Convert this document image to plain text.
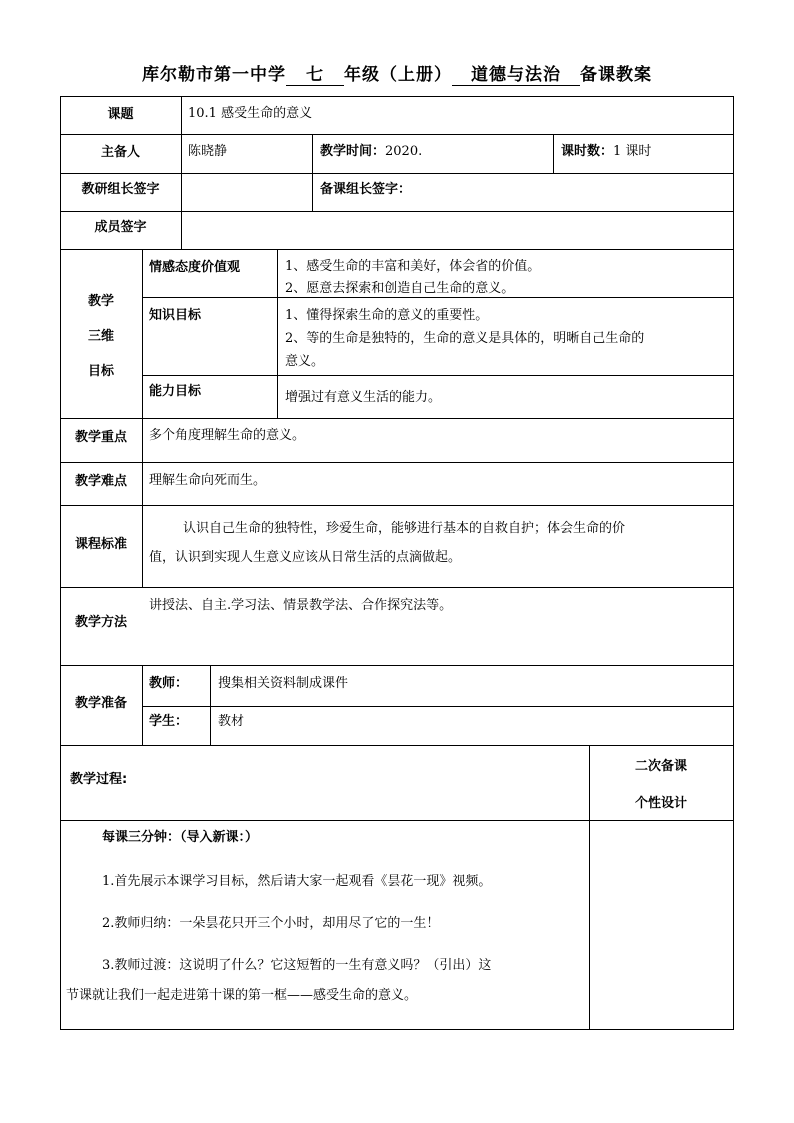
库尔勒市第一中学 七 年级（上册） 道德与法治 备课教案
课题	10.1 感受生命的意义
主备人	陈晓静	教学时间：2020.	课时数：1 课时
教研组长签字	备课组长签字：
成员签字
教学
三维
目标
情感态度价值观	1、感受生命的丰富和美好，体会省的价值。
2、愿意去探索和创造自己生命的意义。
知识目标	1、懂得探索生命的意义的重要性。
2、等的生命是独特的，生命的意义是具体的，明晰自己生命的
意义。
能力目标	增强过有意义生活的能力。
教学重点	多个角度理解生命的意义。
教学难点	理解生命向死而生。
课程标准
认识自己生命的独特性，珍爱生命，能够进行基本的自救自护；体会生命的价
值，认识到实现人生意义应该从日常生活的点滴做起。
教学方法
讲授法、自主.学习法、情景教学法、合作探究法等。
教学准备
教师：	搜集相关资料制成课件
学生：	教材
教学过程:
二次备课
个性设计
每课三分钟：（导入新课：）
1.首先展示本课学习目标，然后请大家一起观看《昙花一现》视频。
2.教师归纳：一朵昙花只开三个小时，却用尽了它的一生！
3.教师过渡：这说明了什么？它这短暂的一生有意义吗？（引出）这
节课就让我们一起走进第十课的第一框——感受生命的意义。
